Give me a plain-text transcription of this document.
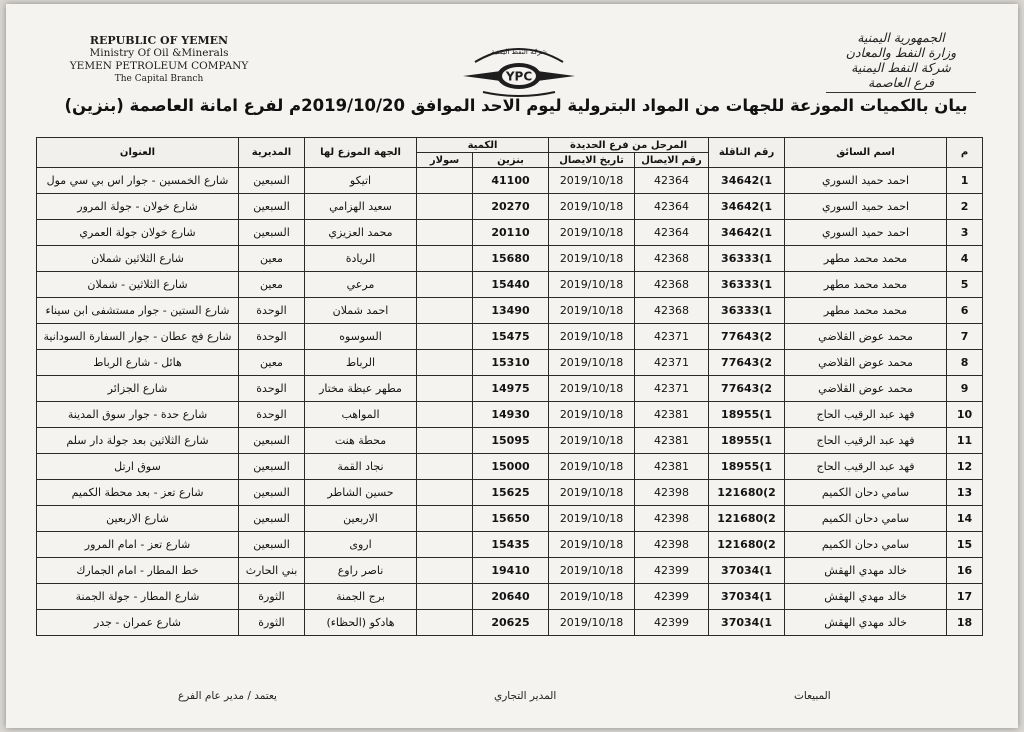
REPUBLIC OF YEMEN
Ministry Of Oil &Minerals
YEMEN PETROLEUM COMPANY
The Capital Branch
شركة النفط اليمنية
YPC
الجمهورية اليمنية
وزارة النفط والمعادن
شركة النفط اليمنية
فرع العاصمة
بيان بالكميات الموزعة للجهات من المواد البترولية ليوم الاحد الموافق 2019/10/20م لفرع امانة العاصمة (بنزين)
م	اسم السائق	رقم الناقلة	المرحل من فرع الحديدة		الكمية		الجهة الموزع لها	المديرية	العنوان
			رقم الايصال	تاريخ الايصال	بنزين	سولار			
1	احمد حميد السوري	34642(1	42364	2019/10/18	41100		اتيكو	السبعين	شارع الخمسين - جوار اس بي سي مول
2	احمد حميد السوري	34642(1	42364	2019/10/18	20270		سعيد الهزامي	السبعين	شارع خولان - جولة المرور
3	احمد حميد السوري	34642(1	42364	2019/10/18	20110		محمد العزيزي	السبعين	شارع خولان جولة العمري
4	محمد محمد مطهر	36333(1	42368	2019/10/18	15680		الريادة	معين	شارع الثلاثين شملان
5	محمد محمد مطهر	36333(1	42368	2019/10/18	15440		مرعي	معين	شارع الثلاثين - شملان
6	محمد محمد مطهر	36333(1	42368	2019/10/18	13490		احمد شملان	الوحدة	شارع الستين - جوار مستشفى ابن سيناء
7	محمد عوض القلاضي	77643(2	42371	2019/10/18	15475		السوسوه	الوحدة	شارع فج عطان - جوار السفارة السودانية
8	محمد عوض القلاضي	77643(2	42371	2019/10/18	15310		الرباط	معين	هائل - شارع الرباط
9	محمد عوض القلاضي	77643(2	42371	2019/10/18	14975		مطهر عيظة مختار	الوحدة	شارع الجزائر
10	فهد عبد الرقيب الحاج	18955(1	42381	2019/10/18	14930		المواهب	الوحدة	شارع حدة - جوار سوق المدينة
11	فهد عبد الرقيب الحاج	18955(1	42381	2019/10/18	15095		محطة هنت	السبعين	شارع الثلاثين بعد جولة دار سلم
12	فهد عبد الرقيب الحاج	18955(1	42381	2019/10/18	15000		نجاد القمة	السبعين	سوق ارتل
13	سامي دحان الكميم	121680(2	42398	2019/10/18	15625		حسين الشاطر	السبعين	شارع تعز - بعد محطة الكميم
14	سامي دحان الكميم	121680(2	42398	2019/10/18	15650		الاربعين	السبعين	شارع الاربعين
15	سامي دحان الكميم	121680(2	42398	2019/10/18	15435		اروى	السبعين	شارع تعز - امام المرور
16	خالد مهدي الهقش	37034(1	42399	2019/10/18	19410		ناصر راوع	بني الحارث	خط المطار - امام الجمارك
17	خالد مهدي الهقش	37034(1	42399	2019/10/18	20640		برج الجمنة	الثورة	شارع المطار - جولة الجمنة
18	خالد مهدي الهقش	37034(1	42399	2019/10/18	20625		هادكو (الحظاء)	الثورة	شارع عمران - جدر
المبيعات
المدير التجاري
يعتمد / مدير عام الفرع
